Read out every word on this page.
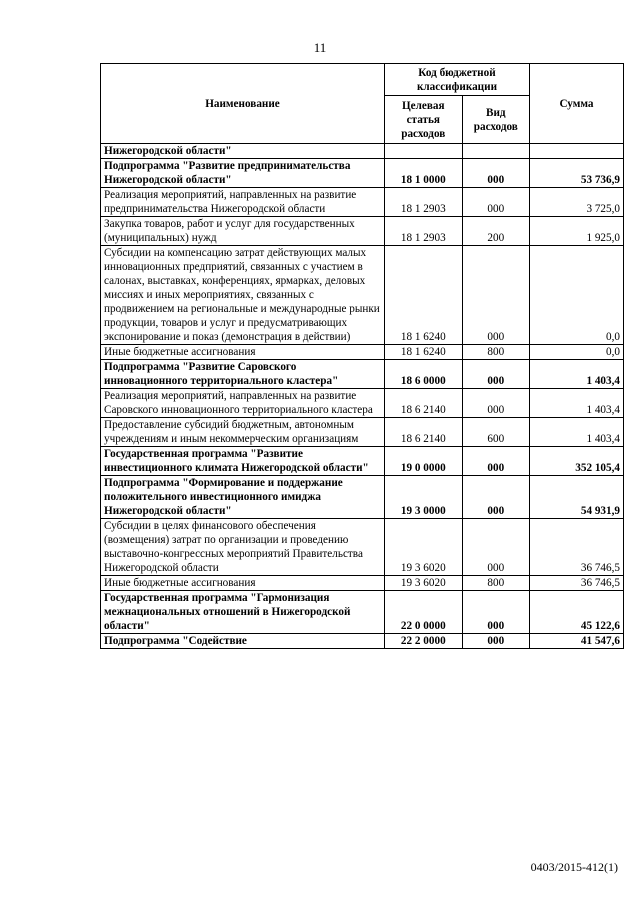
11
Наименование	Код бюджетной классификации		Сумма
	Целевая статья расходов	Вид расходов	
Нижегородской области"			
Подпрограмма "Развитие предпринимательства Нижегородской области"	18 1 0000	000	53 736,9
Реализация мероприятий, направленных на развитие предпринимательства Нижегородской области	18 1 2903	000	3 725,0
Закупка товаров, работ и услуг для государственных (муниципальных) нужд	18 1 2903	200	1 925,0
Субсидии на компенсацию затрат действующих малых инновационных предприятий, связанных с участием в салонах, выставках, конференциях, ярмарках, деловых миссиях и иных мероприятиях, связанных с продвижением на региональные и международные рынки продукции, товаров и услуг и предусматривающих экспонирование и показ (демонстрация в действии)	18 1 6240	000	0,0
Иные бюджетные ассигнования	18 1 6240	800	0,0
Подпрограмма "Развитие Саровского инновационного территориального кластера"	18 6 0000	000	1 403,4
Реализация мероприятий, направленных на развитие Саровского инновационного территориального кластера	18 6 2140	000	1 403,4
Предоставление субсидий бюджетным, автономным учреждениям и иным некоммерческим организациям	18 6 2140	600	1 403,4
Государственная программа "Развитие инвестиционного климата Нижегородской области"	19 0 0000	000	352 105,4
Подпрограмма "Формирование и поддержание положительного инвестиционного имиджа Нижегородской области"	19 3 0000	000	54 931,9
Субсидии в целях финансового обеспечения (возмещения) затрат по организации и проведению выставочно-конгрессных мероприятий Правительства Нижегородской области	19 3 6020	000	36 746,5
Иные бюджетные ассигнования	19 3 6020	800	36 746,5
Государственная программа "Гармонизация межнациональных отношений в Нижегородской области"	22 0 0000	000	45 122,6
Подпрограмма "Содействие	22 2 0000	000	41 547,6
0403/2015-412(1)
